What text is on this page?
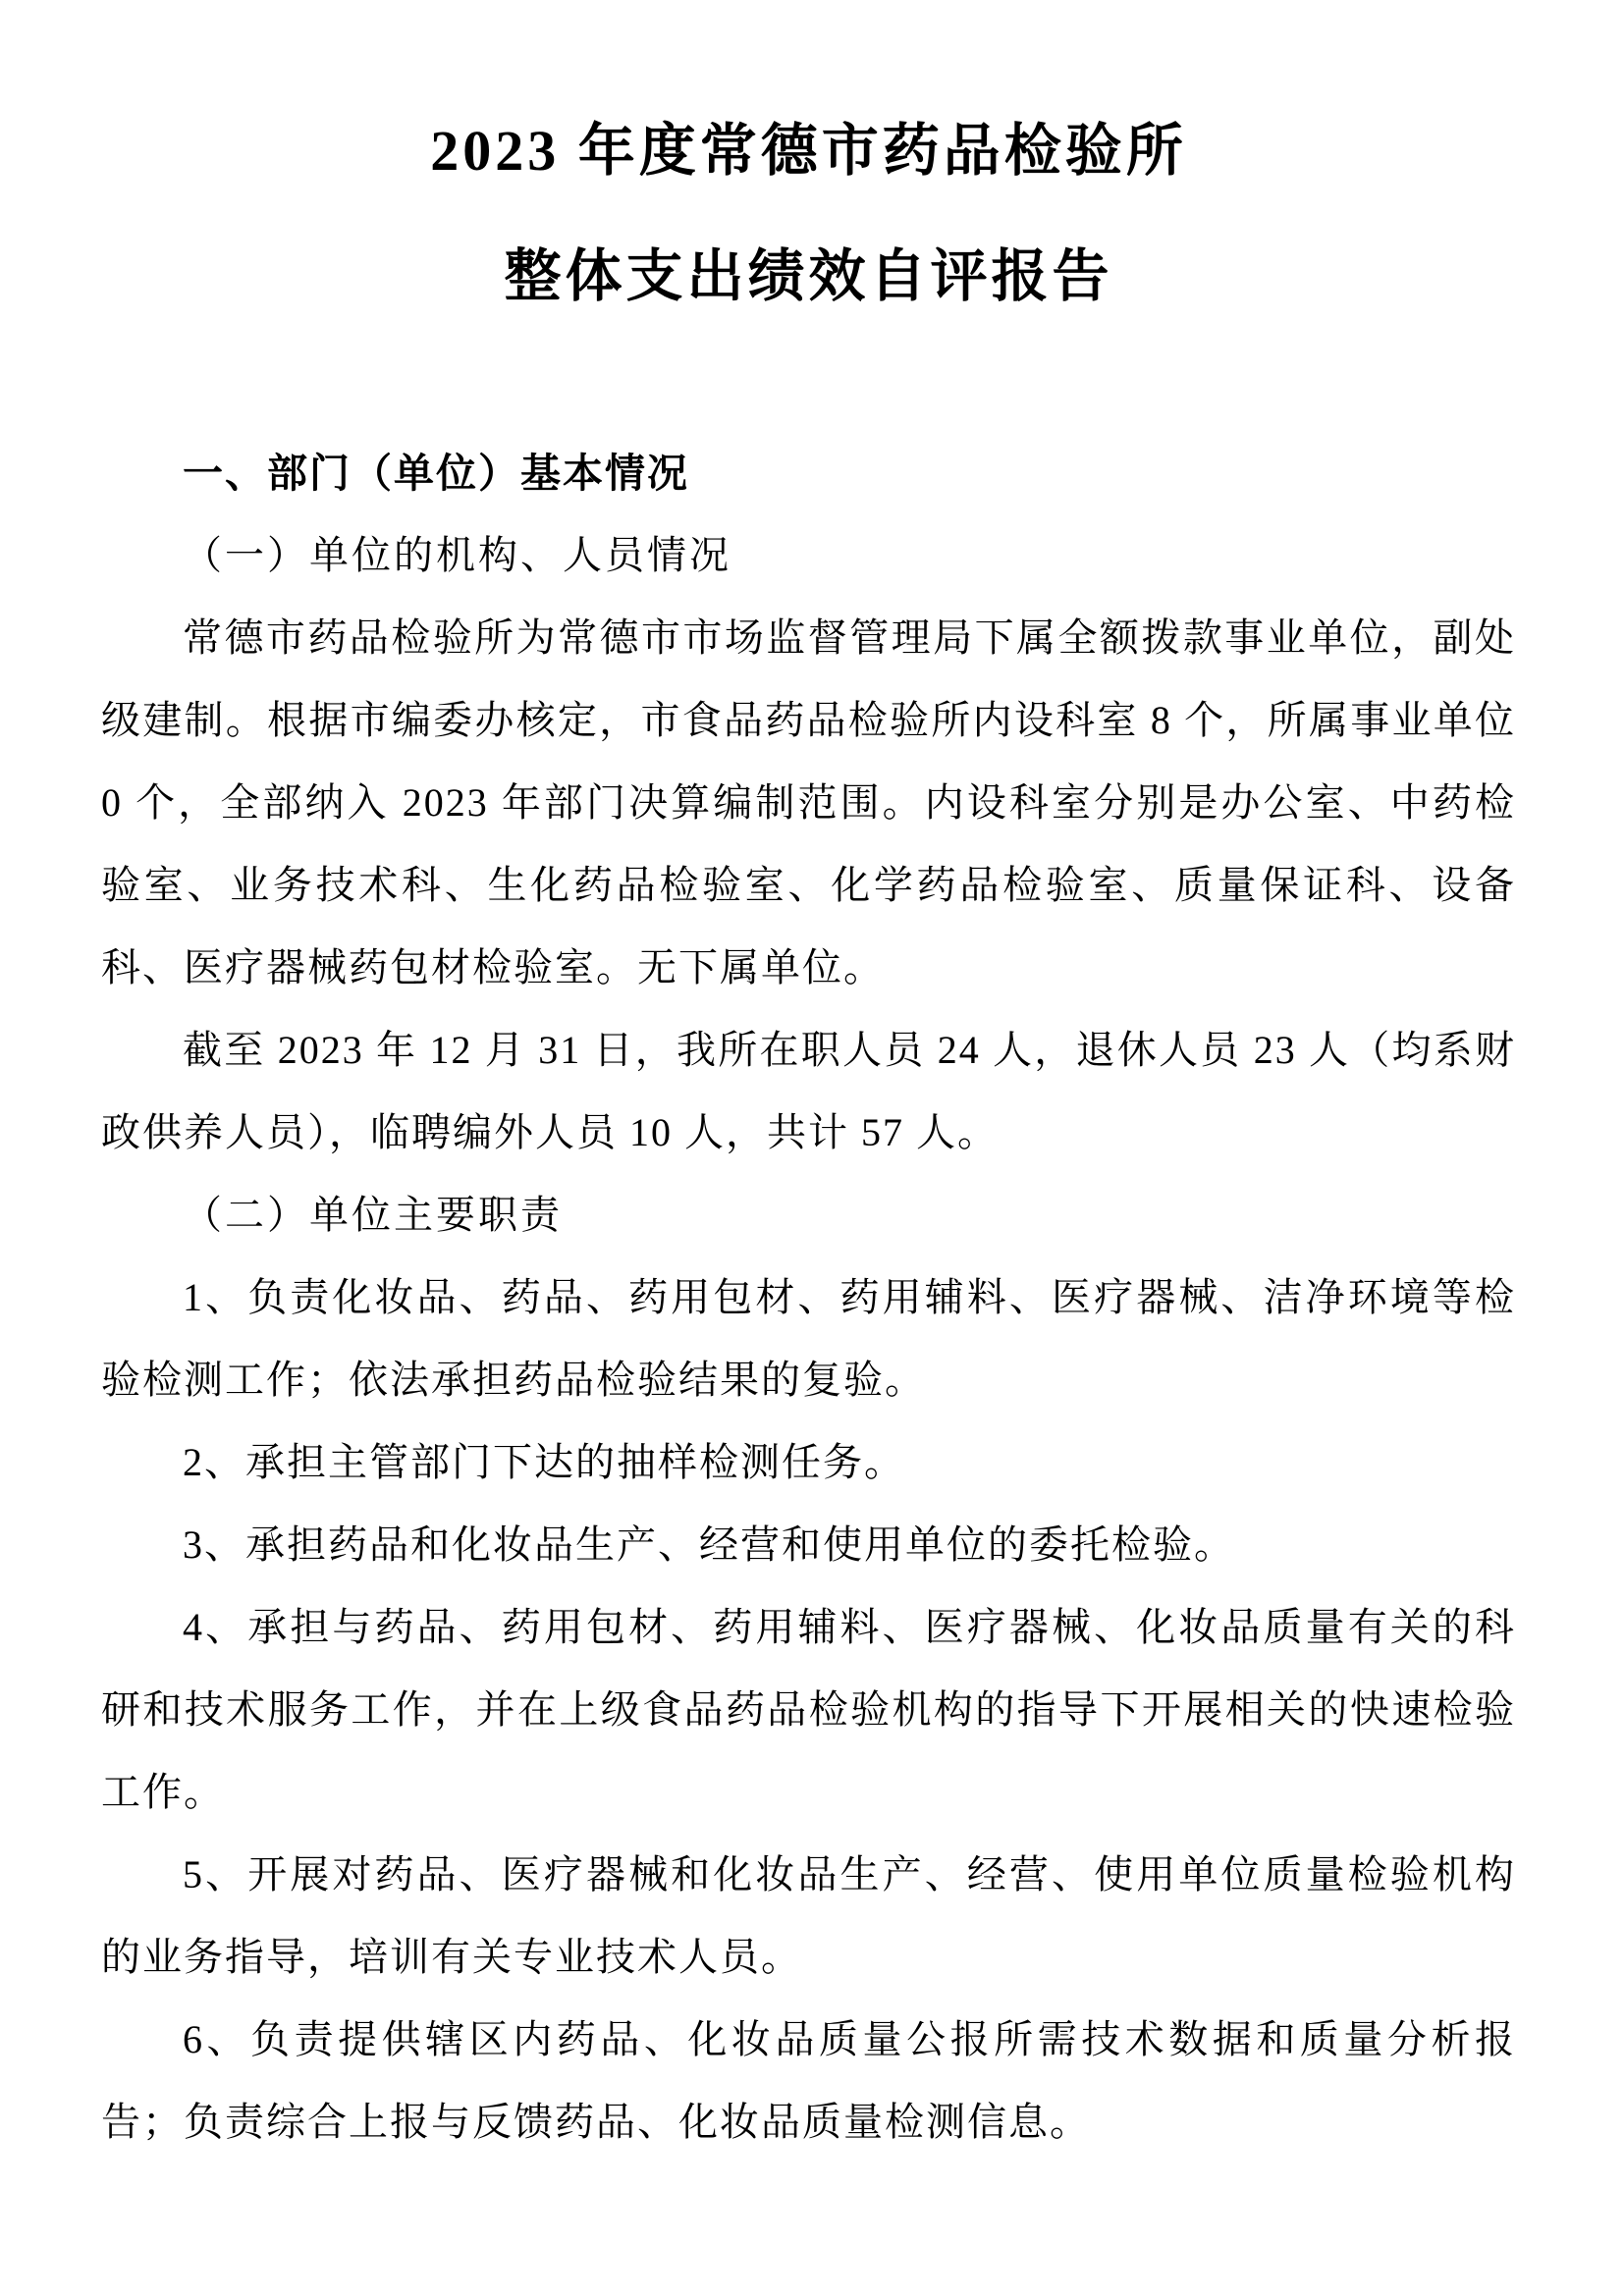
2023 年度常德市药品检验所
整体支出绩效自评报告
一、部门（单位）基本情况
（一）单位的机构、人员情况

常德市药品检验所为常德市市场监督管理局下属全额拨款事业单位，副处级建制。根据市编委办核定，市食品药品检验所内设科室 8 个，所属事业单位 0 个，全部纳入 2023 年部门决算编制范围。内设科室分别是办公室、中药检验室、业务技术科、生化药品检验室、化学药品检验室、质量保证科、设备科、医疗器械药包材检验室。无下属单位。

截至 2023 年 12 月 31 日，我所在职人员 24 人，退休人员 23 人（均系财政供养人员），临聘编外人员 10 人，共计 57 人。

（二）单位主要职责

1、负责化妆品、药品、药用包材、药用辅料、医疗器械、洁净环境等检验检测工作；依法承担药品检验结果的复验。

2、承担主管部门下达的抽样检测任务。

3、承担药品和化妆品生产、经营和使用单位的委托检验。

4、承担与药品、药用包材、药用辅料、医疗器械、化妆品质量有关的科研和技术服务工作，并在上级食品药品检验机构的指导下开展相关的快速检验工作。

5、开展对药品、医疗器械和化妆品生产、经营、使用单位质量检验机构的业务指导，培训有关专业技术人员。

6、负责提供辖区内药品、化妆品质量公报所需技术数据和质量分析报告；负责综合上报与反馈药品、化妆品质量检测信息。
